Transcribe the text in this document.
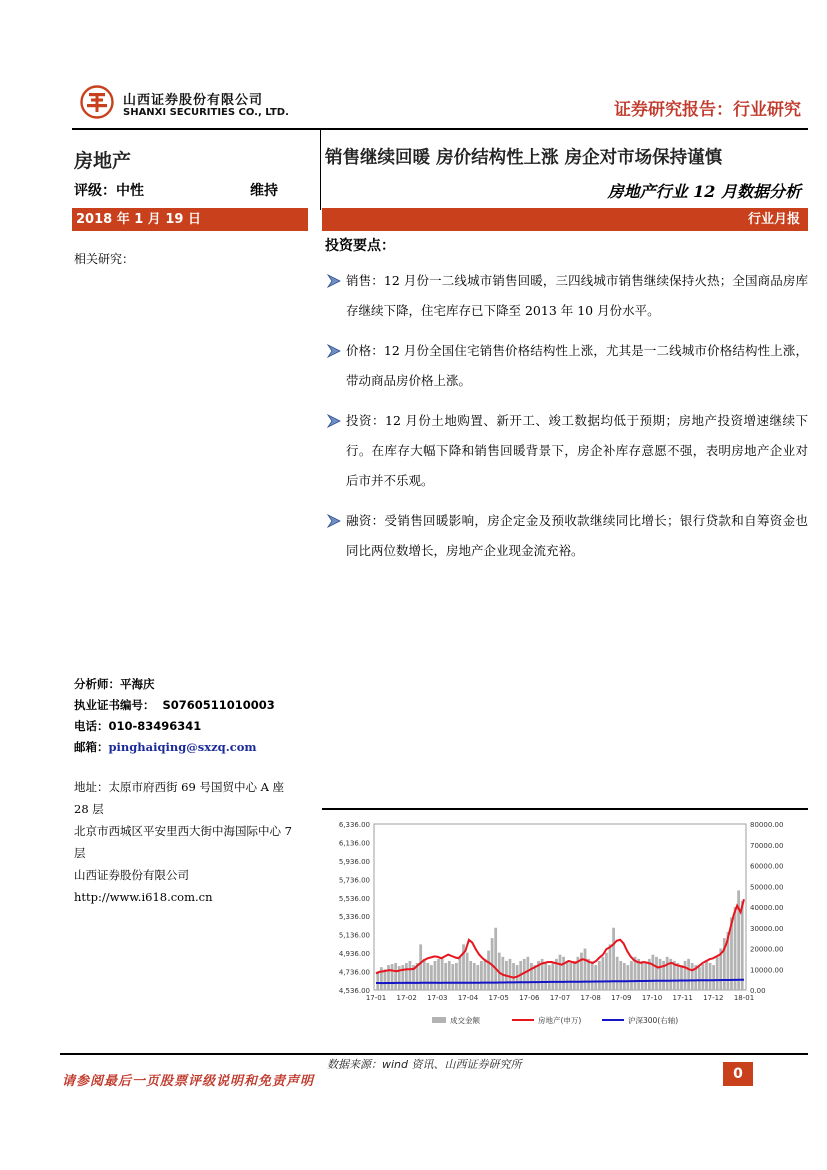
山西证券股份有限公司
SHANXI SECURITIES CO., LTD.	证券研究报告：行业研究
房地产
评级：中性	维持
销售继续回暖 房价结构性上涨 房企对市场保持谨慎
房地产行业 12 月数据分析
2018 年 1 月 19 日	行业月报
相关研究：
投资要点：
销售：12 月份一二线城市销售回暖，三四线城市销售继续保持火热；全国商品房库存继续下降，住宅库存已下降至 2013 年 10 月份水平。
价格：12 月份全国住宅销售价格结构性上涨，尤其是一二线城市价格结构性上涨，带动商品房价格上涨。
投资：12 月份土地购置、新开工、竣工数据均低于预期；房地产投资增速继续下行。在库存大幅下降和销售回暖背景下，房企补库存意愿不强，表明房地产企业对后市并不乐观。
融资：受销售回暖影响，房企定金及预收款继续同比增长；银行贷款和自筹资金也同比两位数增长，房地产企业现金流充裕。
分析师：平海庆
执业证书编号： S0760511010003
电话：010-83496341
邮箱：pinghaiqing@sxzq.com
地址：太原市府西街 69 号国贸中心 A 座 28 层
北京市西城区平安里西大街中海国际中心 7 层
山西证券股份有限公司
http://www.i618.com.cn
4,536.00
4,736.00
4,936.00
5,136.00
5,336.00
5,536.00
5,736.00
5,936.00
6,136.00
6,336.00
0.00
10000.00
20000.00
30000.00
40000.00
50000.00
60000.00
70000.00
80000.00
17-01 17-02 17-03 17-04 17-05 17-06 17-07 17-08 17-09 17-10 17-11 17-12 18-01
成交金额	房地产(申万)	沪深300(右轴)
数据来源：wind 资讯、山西证券研究所
请参阅最后一页股票评级说明和免责声明	0
